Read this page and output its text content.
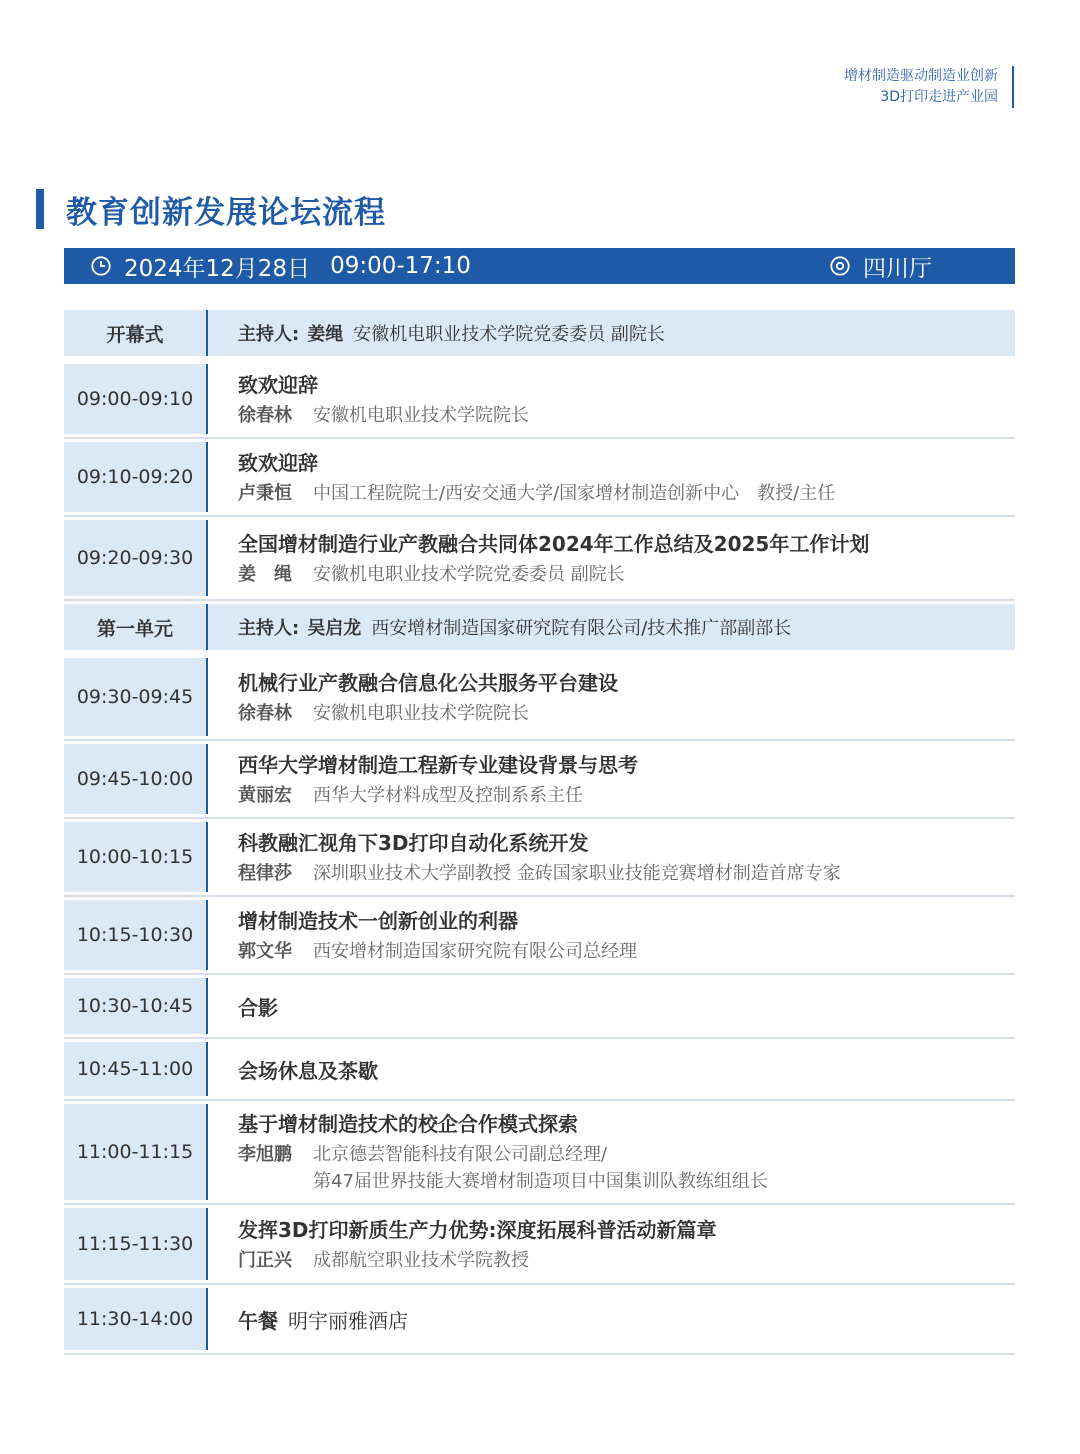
增材制造驱动制造业创新
3D打印走进产业园
教育创新发展论坛流程
2024年12月28日 09:00-17:10	四川厅
开幕式	主持人: 姜绳 安徽机电职业技术学院党委委员 副院长
09:00-09:10
致欢迎辞
徐春林	安徽机电职业技术学院院长
09:10-09:20
致欢迎辞
卢秉恒	中国工程院院士/西安交通大学/国家增材制造创新中心　教授/主任
09:20-09:30
全国增材制造行业产教融合共同体2024年工作总结及2025年工作计划
姜　绳	安徽机电职业技术学院党委委员 副院长
第一单元	主持人: 吴启龙 西安增材制造国家研究院有限公司/技术推广部副部长
09:30-09:45
机械行业产教融合信息化公共服务平台建设
徐春林	安徽机电职业技术学院院长
09:45-10:00
西华大学增材制造工程新专业建设背景与思考
黄丽宏	西华大学材料成型及控制系系主任
10:00-10:15
科教融汇视角下3D打印自动化系统开发
程律莎	深圳职业技术大学副教授 金砖国家职业技能竞赛增材制造首席专家
10:15-10:30
增材制造技术一创新创业的利器
郭文华	西安增材制造国家研究院有限公司总经理
10:30-10:45	合影
10:45-11:00	会场休息及茶歇
11:00-11:15
基于增材制造技术的校企合作模式探索
李旭鹏	北京德芸智能科技有限公司副总经理/
第47届世界技能大赛增材制造项目中国集训队教练组组长
11:15-11:30
发挥3D打印新质生产力优势:深度拓展科普活动新篇章
门正兴	成都航空职业技术学院教授
11:30-14:00	午餐 明宇丽雅酒店
